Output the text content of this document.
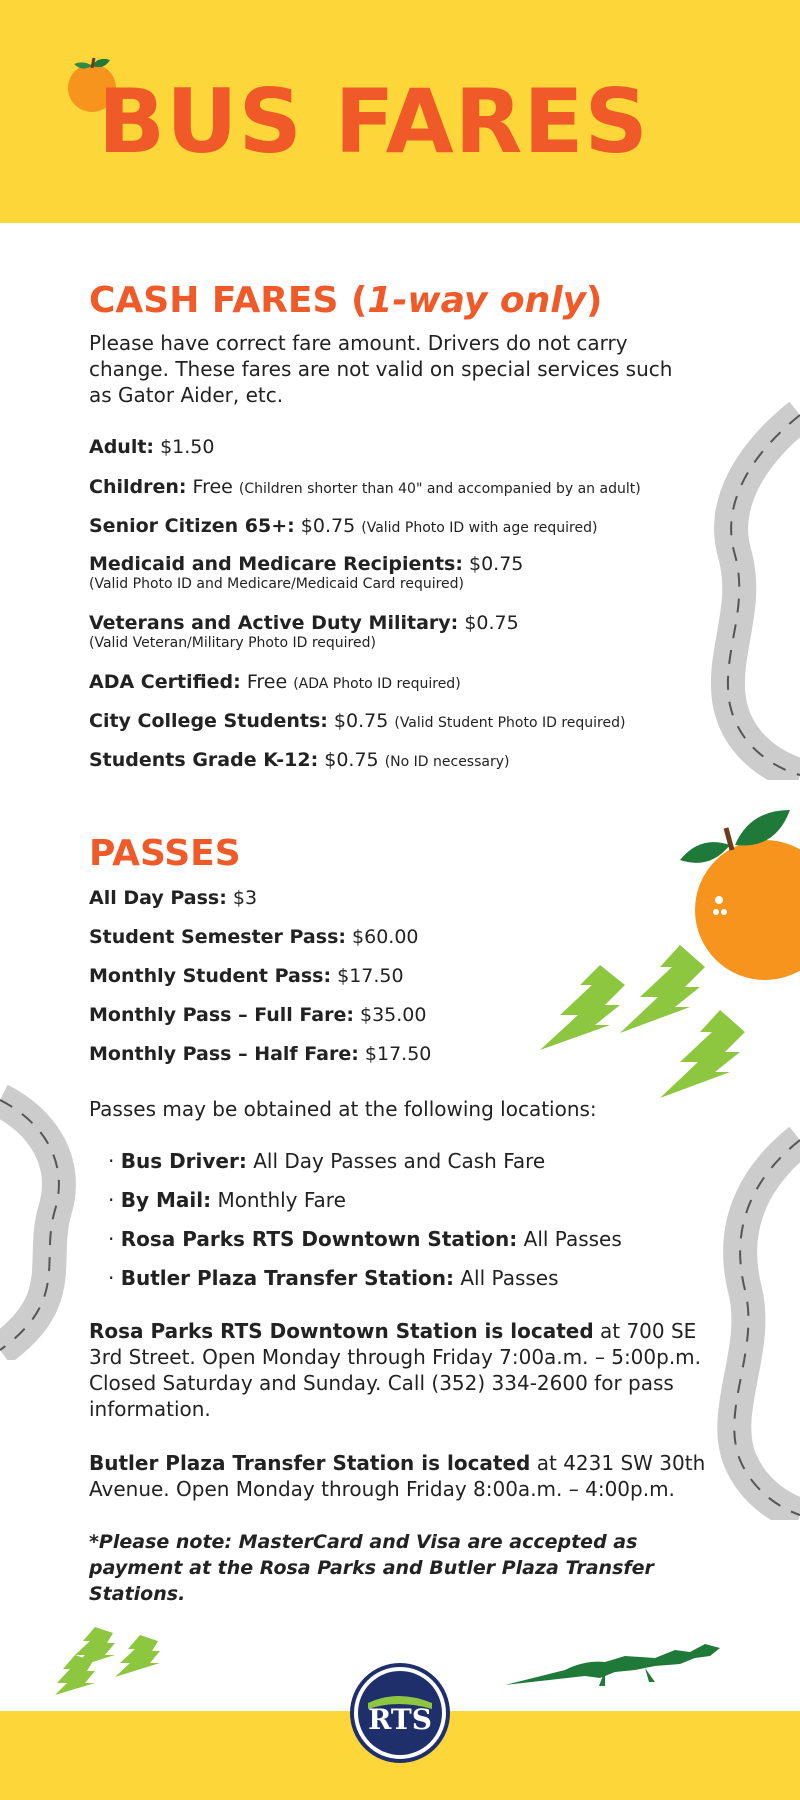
BUS FARES
RTS
CASH FARES (1-way only)

Please have correct fare amount. Drivers do not carry change. These fares are not valid on special services such as Gator Aider, etc.

Adult: $1.50

Children: Free (Children shorter than 40" and accompanied by an adult)

Senior Citizen 65+: $0.75 (Valid Photo ID with age required)

Medicaid and Medicare Recipients: $0.75
(Valid Photo ID and Medicare/Medicaid Card required)

Veterans and Active Duty Military: $0.75
(Valid Veteran/Military Photo ID required)

ADA Certified: Free (ADA Photo ID required)

City College Students: $0.75 (Valid Student Photo ID required)

Students Grade K-12: $0.75 (No ID necessary)

PASSES

All Day Pass: $3

Student Semester Pass: $60.00

Monthly Student Pass: $17.50

Monthly Pass – Full Fare: $35.00

Monthly Pass – Half Fare: $17.50

Passes may be obtained at the following locations:

· Bus Driver: All Day Passes and Cash Fare

· By Mail: Monthly Fare

· Rosa Parks RTS Downtown Station: All Passes

· Butler Plaza Transfer Station: All Passes

Rosa Parks RTS Downtown Station is located at 700 SE 3rd Street. Open Monday through Friday 7:00a.m. – 5:00p.m. Closed Saturday and Sunday. Call (352) 334-2600 for pass information.

Butler Plaza Transfer Station is located at 4231 SW 30th Avenue. Open Monday through Friday 8:00a.m. – 4:00p.m.

*Please note: MasterCard and Visa are accepted as payment at the Rosa Parks and Butler Plaza Transfer Stations.
